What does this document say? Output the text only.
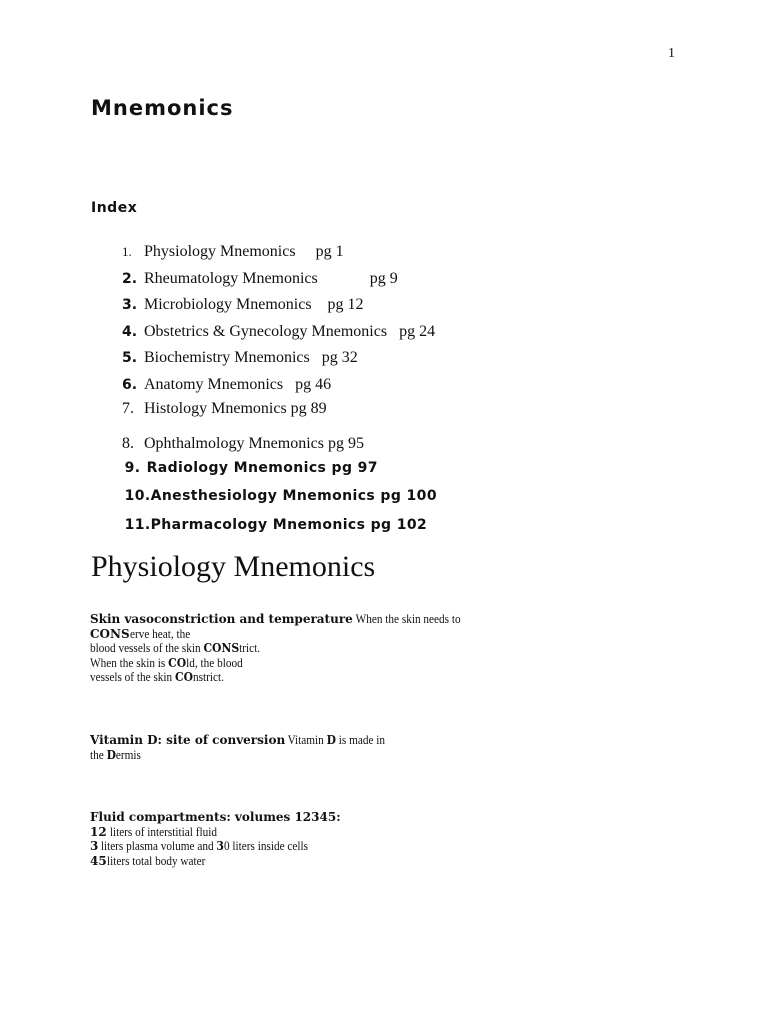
1
Mnemonics
Index

1. Physiology Mnemonics     pg 1

2. Rheumatology Mnemonics             pg 9

3. Microbiology Mnemonics    pg 12

4. Obstetrics & Gynecology Mnemonics   pg 24

5. Biochemistry Mnemonics   pg 32

6. Anatomy Mnemonics   pg 46

7. Histology Mnemonics pg 89

8. Ophthalmology Mnemonics pg 95

9. Radiology Mnemonics pg 97

10.Anesthesiology Mnemonics pg 100

11.Pharmacology Mnemonics pg 102

Physiology Mnemonics
Skin vasoconstriction and temperature When the skin needs to
CONServe heat, the
blood vessels of the skin CONStrict.
When the skin is COld, the blood
vessels of the skin COnstrict.
Vitamin D: site of conversion Vitamin D is made in
the Dermis
Fluid compartments: volumes 12345:
12 liters of interstitial fluid
3 liters plasma volume and 30 liters inside cells
45liters total body water
